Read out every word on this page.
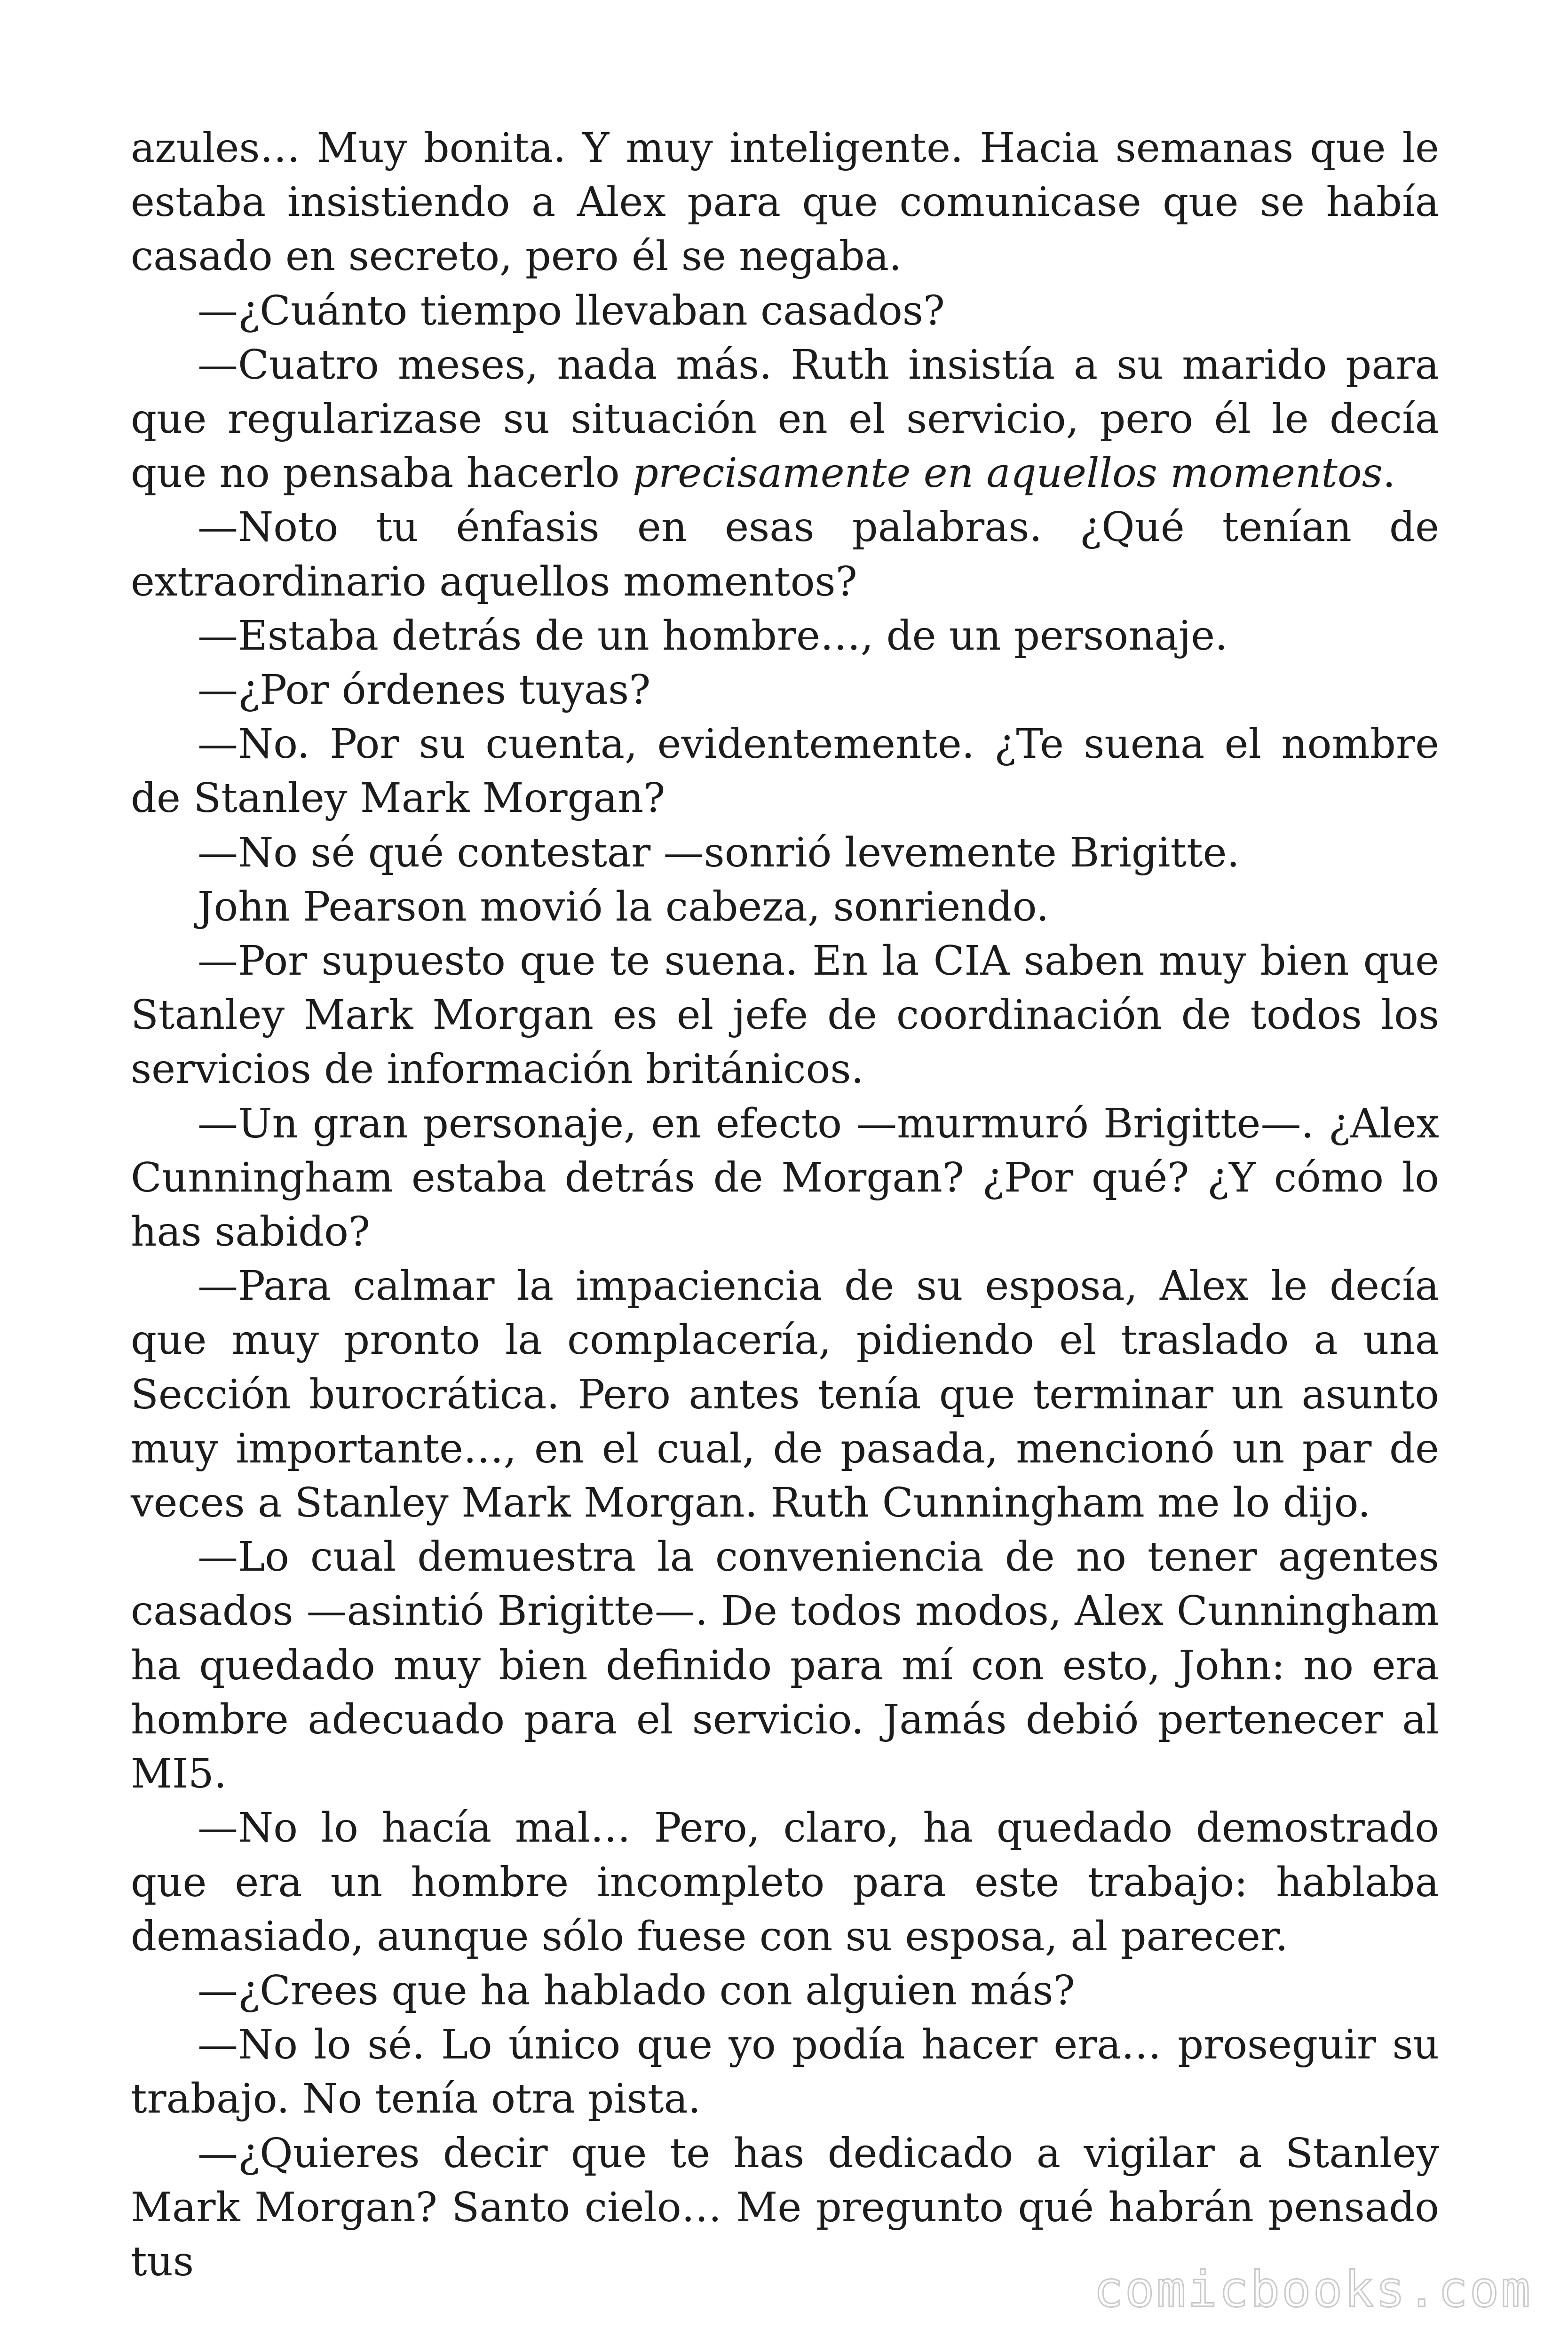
azules… Muy bonita. Y muy inteligente. Hacia semanas que le estaba insistiendo a Alex para que comunicase que se había casado en secreto, pero él se negaba.

—¿Cuánto tiempo llevaban casados?

—Cuatro meses, nada más. Ruth insistía a su marido para que regularizase su situación en el servicio, pero él le decía que no pensaba hacerlo precisamente en aquellos momentos.

—Noto tu énfasis en esas palabras. ¿Qué tenían de extraordinario aquellos momentos?

—Estaba detrás de un hombre…, de un personaje.

—¿Por órdenes tuyas?

—No. Por su cuenta, evidentemente. ¿Te suena el nombre de Stanley Mark Morgan?

—No sé qué contestar —sonrió levemente Brigitte.

John Pearson movió la cabeza, sonriendo.

—Por supuesto que te suena. En la CIA saben muy bien que Stanley Mark Morgan es el jefe de coordinación de todos los servicios de información británicos.

—Un gran personaje, en efecto —murmuró Brigitte—. ¿Alex Cunningham estaba detrás de Morgan? ¿Por qué? ¿Y cómo lo has sabido?

—Para calmar la impaciencia de su esposa, Alex le decía que muy pronto la complacería, pidiendo el traslado a una Sección burocrática. Pero antes tenía que terminar un asunto muy importante…, en el cual, de pasada, mencionó un par de veces a Stanley Mark Morgan. Ruth Cunningham me lo dijo.

—Lo cual demuestra la conveniencia de no tener agentes casados —asintió Brigitte—. De todos modos, Alex Cunningham ha quedado muy bien definido para mí con esto, John: no era hombre adecuado para el servicio. Jamás debió pertenecer al MI5.

—No lo hacía mal… Pero, claro, ha quedado demostrado que era un hombre incompleto para este trabajo: hablaba demasiado, aunque sólo fuese con su esposa, al parecer.

—¿Crees que ha hablado con alguien más?

—No lo sé. Lo único que yo podía hacer era… proseguir su trabajo. No tenía otra pista.

—¿Quieres decir que te has dedicado a vigilar a Stanley Mark Morgan? Santo cielo… Me pregunto qué habrán pensado tus	comicbooks.com
